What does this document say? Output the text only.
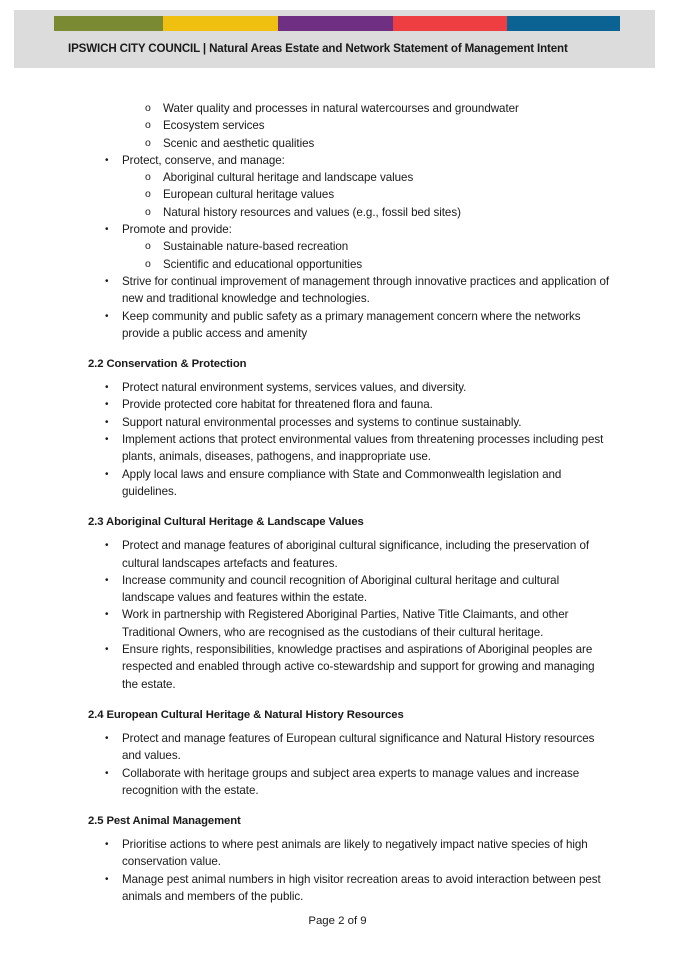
IPSWICH CITY COUNCIL | Natural Areas Estate and Network Statement of Management Intent
o Water quality and processes in natural watercourses and groundwater
o Ecosystem services
o Scenic and aesthetic qualities
• Protect, conserve, and manage:
o Aboriginal cultural heritage and landscape values
o European cultural heritage values
o Natural history resources and values (e.g., fossil bed sites)
• Promote and provide:
o Sustainable nature-based recreation
o Scientific and educational opportunities
• Strive for continual improvement of management through innovative practices and application of new and traditional knowledge and technologies.
• Keep community and public safety as a primary management concern where the networks provide a public access and amenity
2.2 Conservation & Protection
• Protect natural environment systems, services values, and diversity.
• Provide protected core habitat for threatened flora and fauna.
• Support natural environmental processes and systems to continue sustainably.
• Implement actions that protect environmental values from threatening processes including pest plants, animals, diseases, pathogens, and inappropriate use.
• Apply local laws and ensure compliance with State and Commonwealth legislation and guidelines.
2.3 Aboriginal Cultural Heritage & Landscape Values
• Protect and manage features of aboriginal cultural significance, including the preservation of cultural landscapes artefacts and features.
• Increase community and council recognition of Aboriginal cultural heritage and cultural landscape values and features within the estate.
• Work in partnership with Registered Aboriginal Parties, Native Title Claimants, and other Traditional Owners, who are recognised as the custodians of their cultural heritage.
• Ensure rights, responsibilities, knowledge practises and aspirations of Aboriginal peoples are respected and enabled through active co-stewardship and support for growing and managing the estate.
2.4 European Cultural Heritage & Natural History Resources
• Protect and manage features of European cultural significance and Natural History resources and values.
• Collaborate with heritage groups and subject area experts to manage values and increase recognition with the estate.
2.5 Pest Animal Management
• Prioritise actions to where pest animals are likely to negatively impact native species of high conservation value.
• Manage pest animal numbers in high visitor recreation areas to avoid interaction between pest animals and members of the public.
Page 2 of 9
